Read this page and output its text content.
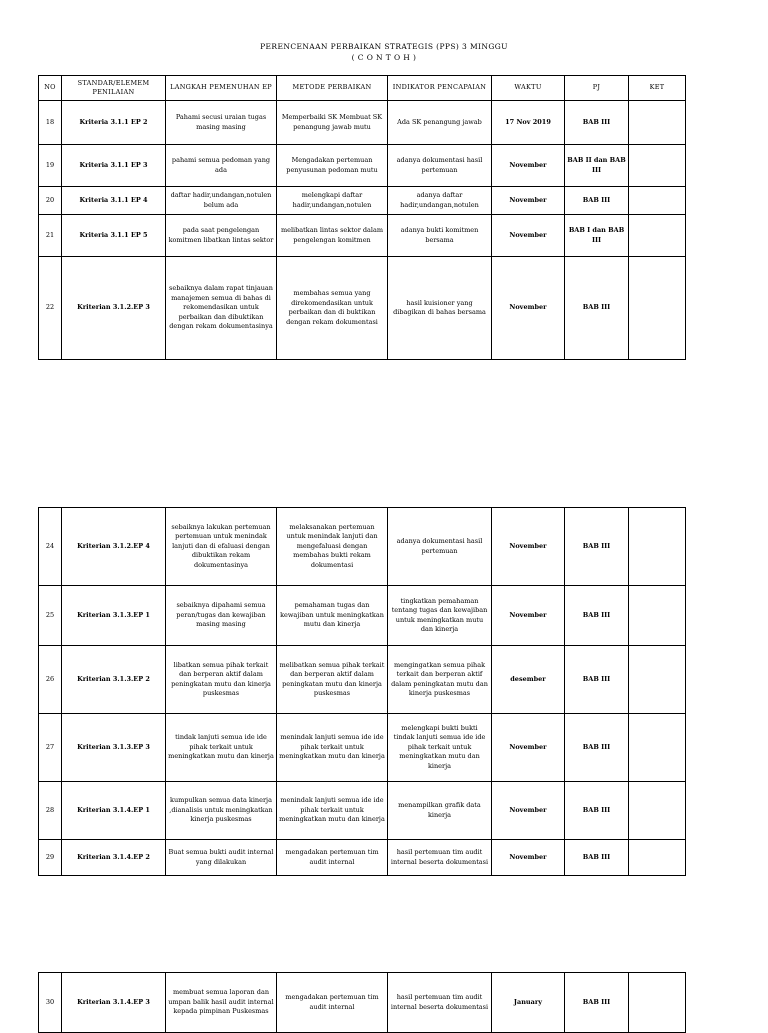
PERENCENAAN PERBAIKAN STRATEGIS (PPS) 3 MINGGU
( C O N T O H )
NO	STANDAR/ELEMEM PENILAIAN	LANGKAH PEMENUHAN EP	METODE PERBAIKAN	INDIKATOR PENCAPAIAN	WAKTU	PJ	KET
18	Kriteria 3.1.1 EP 2	Pahami secusi uraian tugas masing masing	Memperbaiki SK Membuat SK penangung jawab mutu	Ada SK penangung jawab	17 Nov 2019	BAB III	
19	Kriteria 3.1.1 EP 3	pahami semua pedoman yang ada	Mengadakan pertemuan penyusunan pedoman mutu	adanya dokumentasi hasil pertemuan	November	BAB II dan BAB III	
20	Kriteria 3.1.1 EP 4	daftar hadir,undangan,notulen belum ada	melengkapi daftar hadir,undangan,notulen	adanya daftar hadir,undangan,notulen	November	BAB III	
21	Kriteria 3.1.1 EP 5	pada saat pengelengan komitmen libatkan lintas sektor	melibatkan lintas sektor dalam pengelengan komitmen	adanya bukti komitmen bersama	November	BAB I dan BAB III	
22	Kriterian 3.1.2.EP 3	sebaiknya dalam rapat tinjauan manajemen semua di bahas di rekomendasikan untuk perbaikan dan dibuktikan dengan rekam dokumentasinya	membahas semua yang direkomendasikan untuk perbaikan dan di buktikan dengan rekam dokumentasi	hasil kuisioner yang dibagikan di bahas bersama	November	BAB III	
24	Kriterian 3.1.2.EP 4	sebaiknya lakukan pertemuan pertemuan untuk menindak lanjuti dan di efaluasi dengan dibuktikan rekam dokumentasinya	melaksanakan pertemuan untuk menindak lanjuti dan mengefaluasi dengan membahas bukti rekam dokumentasi	adanya dokumentasi hasil pertemuan	November	BAB III	
25	Kriterian 3.1.3.EP 1	sebaiknya dipahami semua peran/tugas dan kewajiban masing masing	pemahaman tugas dan kewajiban untuk meningkatkan mutu dan kinerja	tingkatkan pemahaman tentang tugas dan kewajiban untuk meningkatkan mutu dan kinerja	November	BAB III	
26	Kriterian 3.1.3.EP 2	libatkan semua pihak terkait dan berperan aktif dalam peningkatan mutu dan kinerja puskesmas	melibatkan semua pihak terkait dan berperan aktif dalam peningkatan mutu dan kinerja puskesmas	mengingatkan semua pihak terkait dan berperan aktif dalam peningkatan mutu dan kinerja puskesmas	desember	BAB III	
27	Kriterian 3.1.3.EP 3	tindak lanjuti semua ide ide pihak terkait untuk meningkatkan mutu dan kinerja	menindak lanjuti semua ide ide pihak terkait untuk meningkatkan mutu dan kinerja	melengkapi bukti bukti tindak lanjuti semua ide ide pihak terkait untuk meningkatkan mutu dan kinerja	November	BAB III	
28	Kriterian 3.1.4.EP 1	kumpulkan semua data kinerja ,dianalisis untuk meningkatkan kinerja puskesmas	menindak lanjuti semua ide ide pihak terkait untuk meningkatkan mutu dan kinerja	menampilkan grafik data kinerja	November	BAB III	
29	Kriterian 3.1.4.EP 2	Buat semua bukti audit internal yang dilakukan	mengadakan pertemuan tim audit internal	hasil pertemuan tim audit internal beserta dokumentasi	November	BAB III	
30	Kriterian 3.1.4.EP 3	membuat semua laporan dan umpan balik hasil audit internal kepada pimpinan Puskesmas	mengadakan pertemuan tim audit internal	hasil pertemuan tim audit internal beserta dokumentasi	January	BAB III	
